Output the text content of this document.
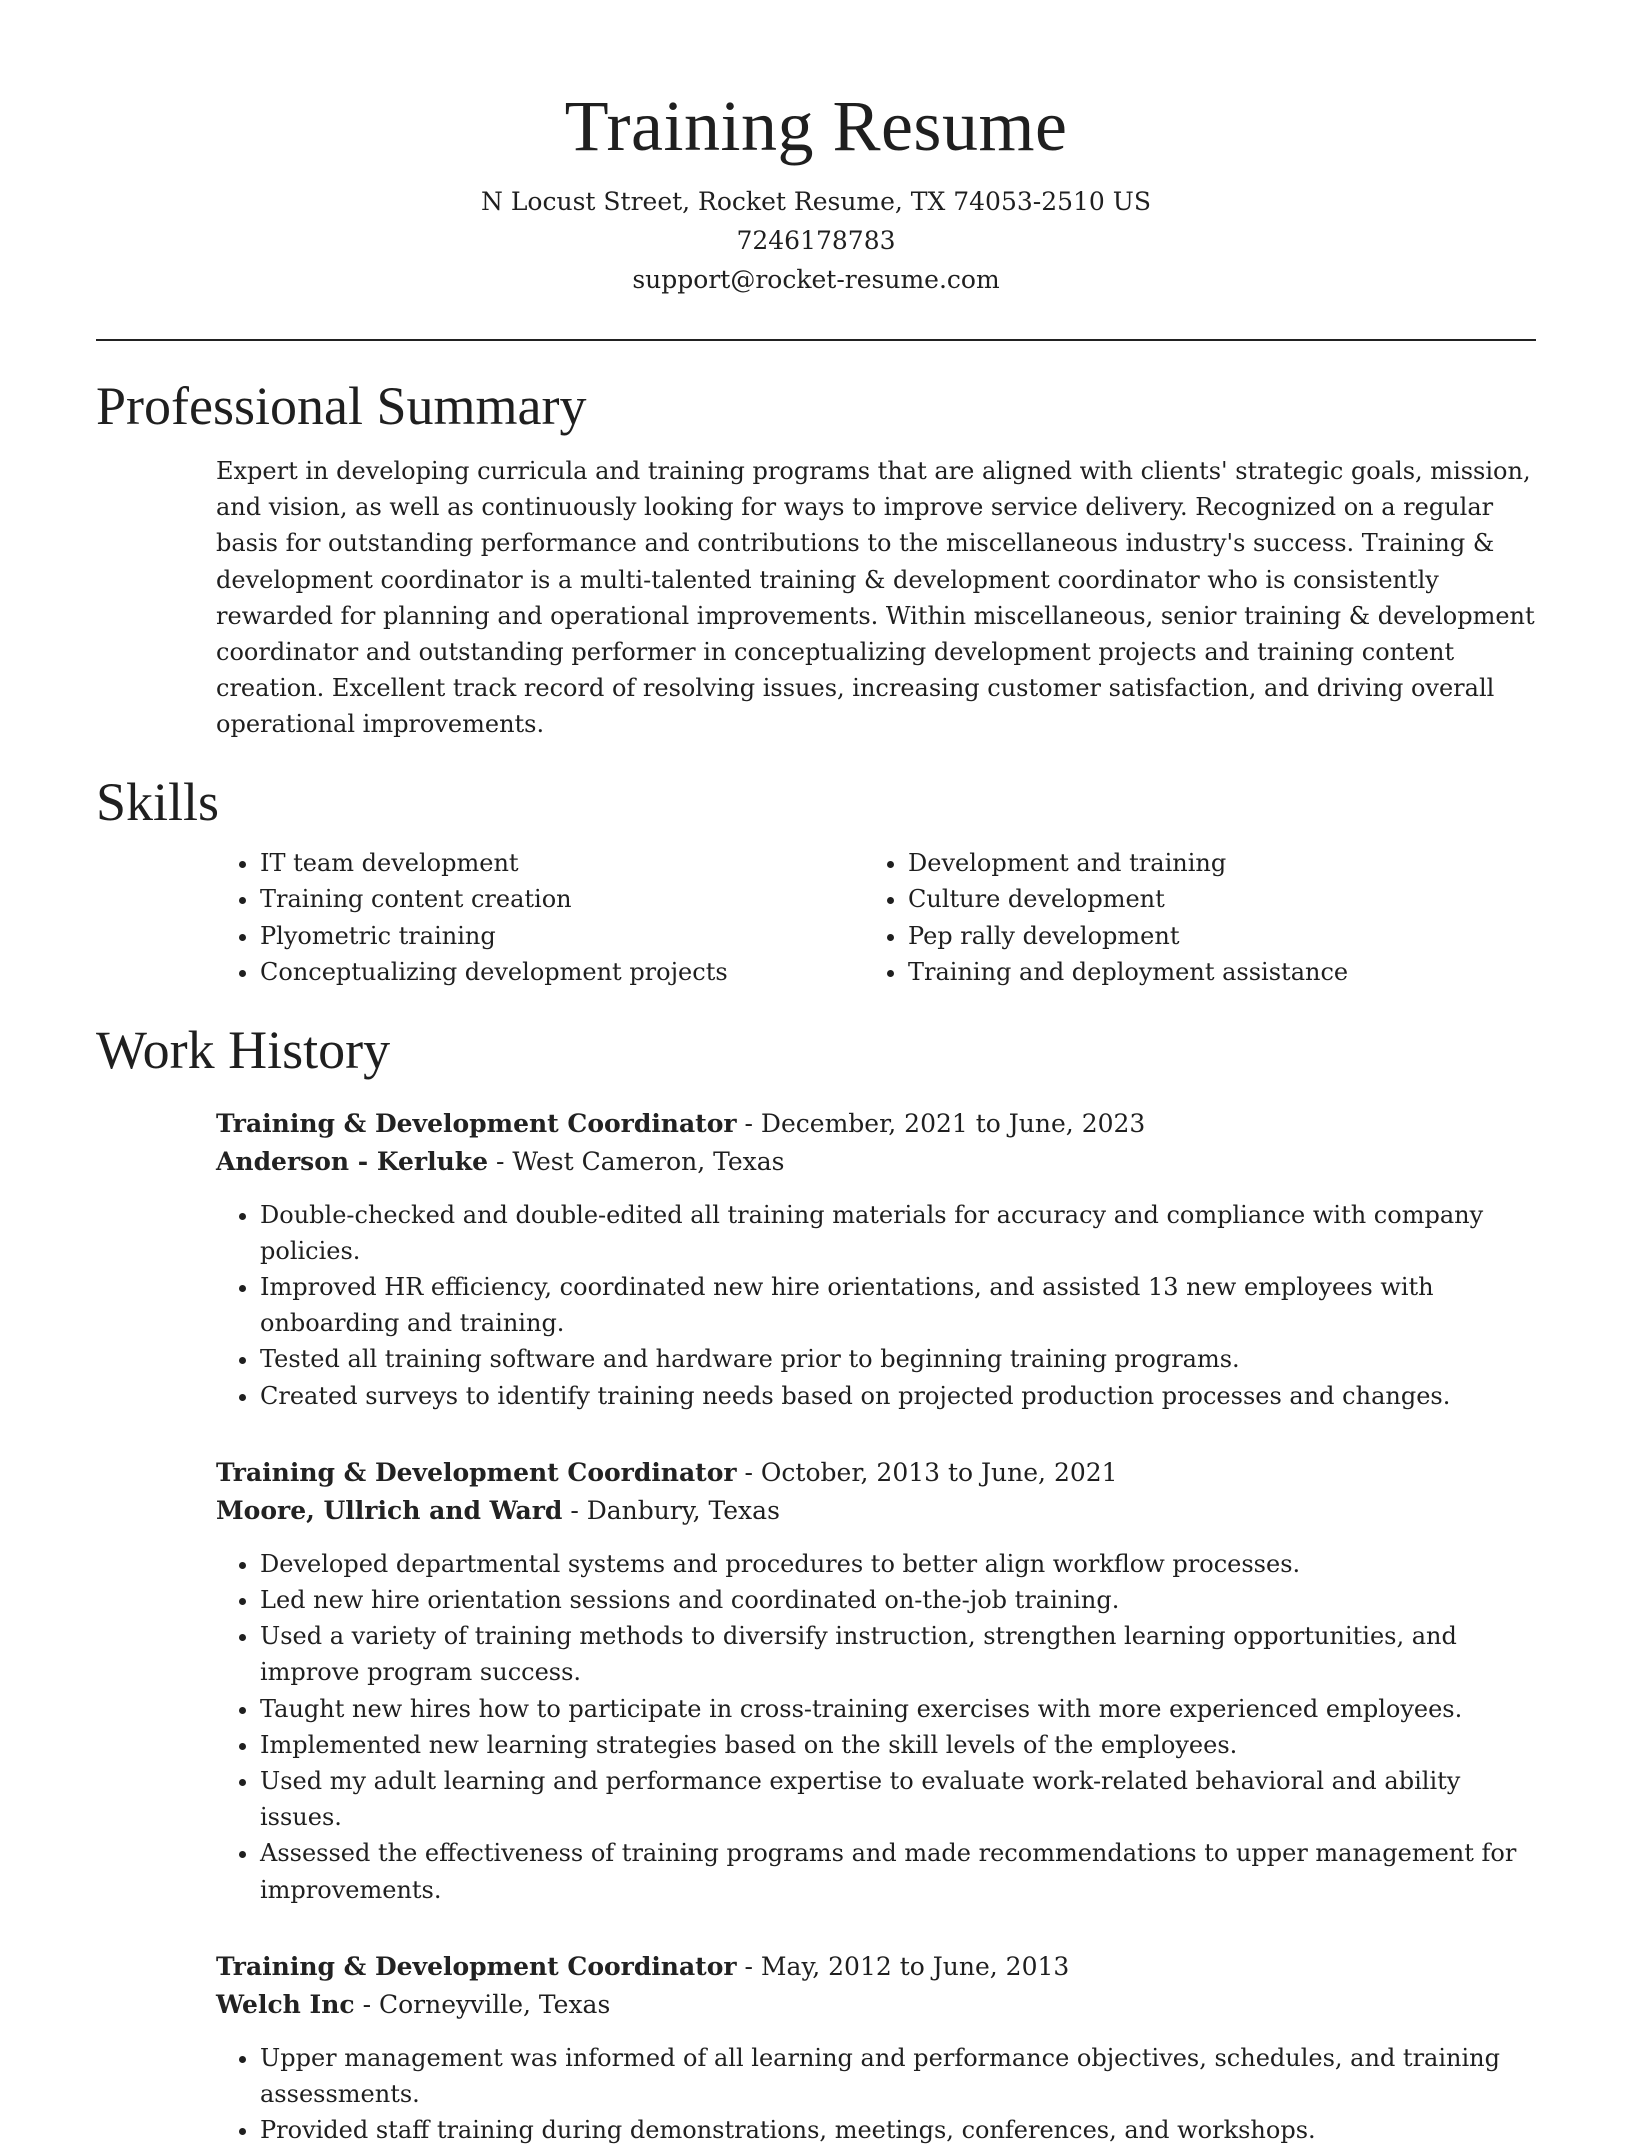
Training Resume

N Locust Street, Rocket Resume, TX 74053-2510 US

7246178783

support@rocket-resume.com

Professional Summary

Expert in developing curricula and training programs that are aligned with clients' strategic goals, mission, and vision, as well as continuously looking for ways to improve service delivery. Recognized on a regular basis for outstanding performance and contributions to the miscellaneous industry's success. Training & development coordinator is a multi-talented training & development coordinator who is consistently rewarded for planning and operational improvements. Within miscellaneous, senior training & development coordinator and outstanding performer in conceptualizing development projects and training content creation. Excellent track record of resolving issues, increasing customer satisfaction, and driving overall operational improvements.

Skills
• IT team development
• Training content creation
• Plyometric training
• Conceptualizing development projects
• Development and training
• Culture development
• Pep rally development
• Training and deployment assistance
Work History

Training & Development Coordinator - December, 2021 to June, 2023

Anderson - Kerluke - West Cameron, Texas

• Double-checked and double-edited all training materials for accuracy and compliance with company policies.
• Improved HR efficiency, coordinated new hire orientations, and assisted 13 new employees with onboarding and training.
• Tested all training software and hardware prior to beginning training programs.
• Created surveys to identify training needs based on projected production processes and changes.

Training & Development Coordinator - October, 2013 to June, 2021

Moore, Ullrich and Ward - Danbury, Texas

• Developed departmental systems and procedures to better align workflow processes.
• Led new hire orientation sessions and coordinated on-the-job training.
• Used a variety of training methods to diversify instruction, strengthen learning opportunities, and improve program success.
• Taught new hires how to participate in cross-training exercises with more experienced employees.
• Implemented new learning strategies based on the skill levels of the employees.
• Used my adult learning and performance expertise to evaluate work-related behavioral and ability issues.
• Assessed the effectiveness of training programs and made recommendations to upper management for improvements.

Training & Development Coordinator - May, 2012 to June, 2013

Welch Inc - Corneyville, Texas

• Upper management was informed of all learning and performance objectives, schedules, and training assessments.
• Provided staff training during demonstrations, meetings, conferences, and workshops.
